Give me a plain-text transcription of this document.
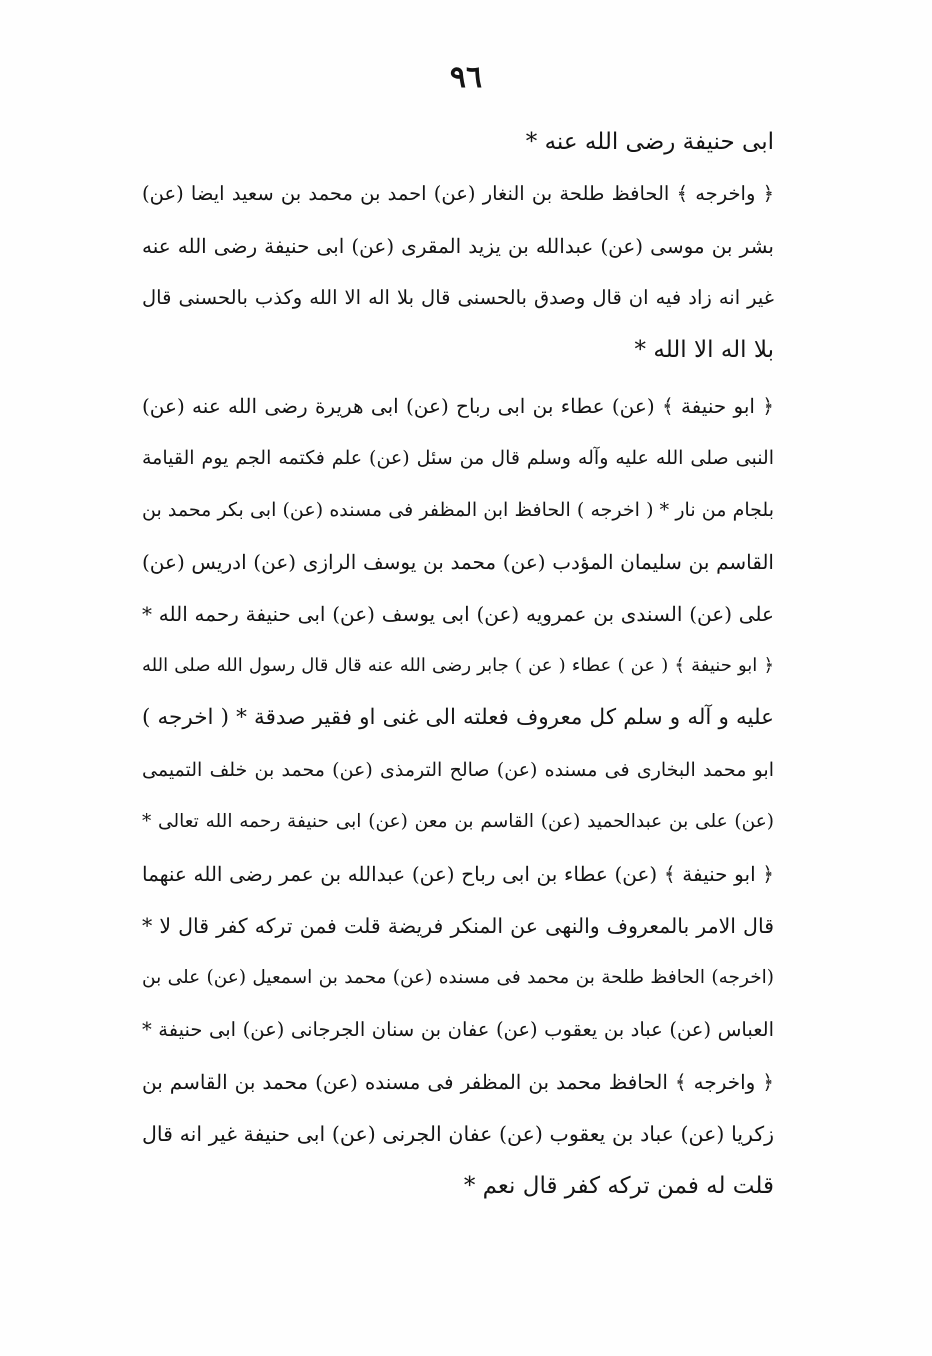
٩٦
ابی حنیفة رضی الله عنه *
﴿ واخرجه ﴾ الحافظ طلحة بن النغار (عن) احمد بن محمد بن سعید ایضا (عن)
بشر بن موسی (عن) عبدالله بن یزید المقری (عن) ابی حنیفة رضی الله عنه
غیر انه زاد فیه ان قال وصدق بالحسنی قال بلا اله الا الله وکذب بالحسنی قال
بلا اله الا الله *
﴿ ابو حنیفة ﴾ (عن) عطاء بن ابی رباح (عن) ابی هریرة رضی الله عنه (عن)
النبی صلی الله علیه وآله وسلم قال من سئل (عن) علم فکتمه الجم یوم القیامة
بلجام من نار * ( اخرجه ) الحافظ ابن المظفر فی مسنده (عن) ابی بکر محمد بن
القاسم بن سلیمان المؤدب (عن) محمد بن یوسف الرازی (عن) ادریس (عن)
علی (عن) السندی بن عمرویه (عن) ابی یوسف (عن) ابی حنیفة رحمه الله *
﴿ ابو حنیفة ﴾ ( عن ) عطاء ( عن ) جابر رضی الله عنه قال قال رسول الله صلی الله
علیه و آله و سلم کل معروف فعلته الی غنی او فقیر صدقة * ( اخرجه )
ابو محمد البخاری فی مسنده (عن) صالح الترمذی (عن) محمد بن خلف التمیمی
(عن) علی بن عبدالحمید (عن) القاسم بن معن (عن) ابی حنیفة رحمه الله تعالی *
﴿ ابو حنیفة ﴾ (عن) عطاء بن ابی رباح (عن) عبدالله بن عمر رضی الله عنهما
قال الامر بالمعروف والنهی عن المنکر فریضة قلت فمن ترکه کفر قال لا *
(اخرجه) الحافظ طلحة بن محمد فی مسنده (عن) محمد بن اسمعیل (عن) علی بن
العباس (عن) عباد بن یعقوب (عن) عفان بن سنان الجرجانی (عن) ابی حنیفة *
﴿ واخرجه ﴾ الحافظ محمد بن المظفر فی مسنده (عن) محمد بن القاسم بن
زکریا (عن) عباد بن یعقوب (عن) عفان الجرنی (عن) ابی حنیفة غیر انه قال
قلت له فمن ترکه کفر قال نعم *
